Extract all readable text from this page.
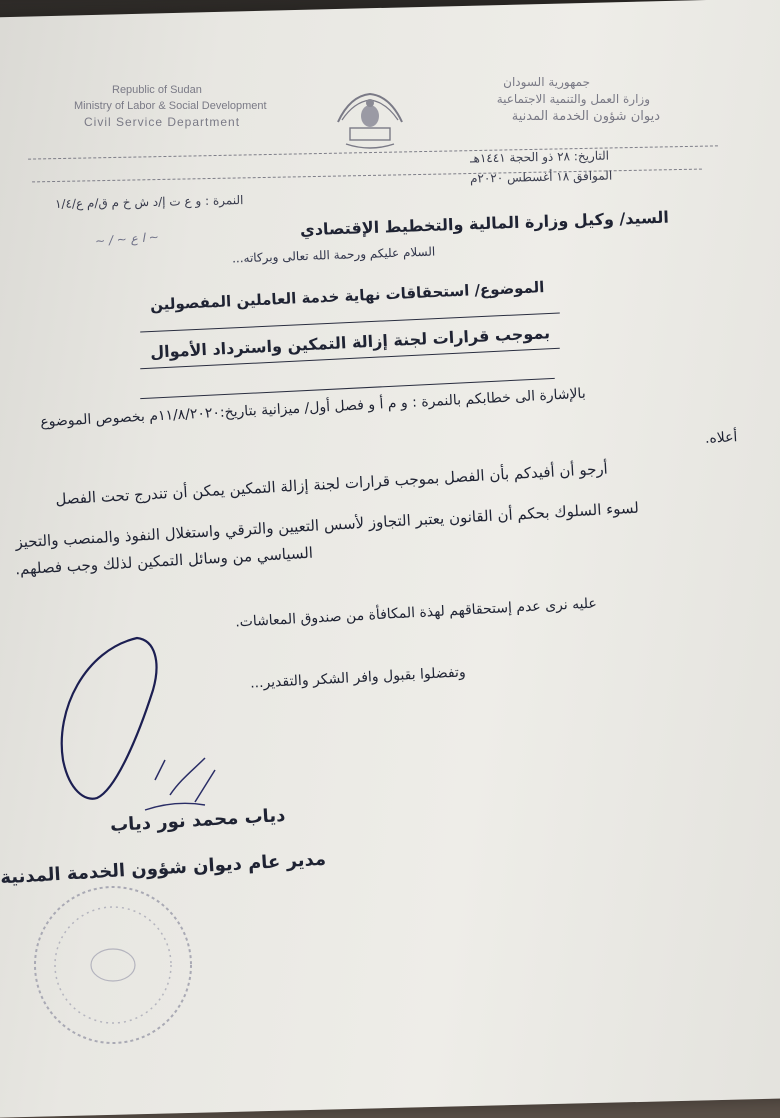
Republic of Sudan
Ministry of Labor & Social Development
Civil Service Department
جمهورية السودان
وزارة العمل والتنمية الاجتماعية
ديوان شؤون الخدمة المدنية
التاريخ: ٢٨ ذو الحجة ١٤٤١هـ
الموافق ١٨ أغسطس ٢٠٢٠م
النمرة : و ع ت إ/د ش خ م ق/م ع/١/٤
~ ا ع ~ / ~	السيد/ وكيل وزارة المالية والتخطيط الإقتصادي
السلام عليكم ورحمة الله تعالى وبركاته...
الموضوع/ استحقاقات نهاية خدمة العاملين المفصولين
بموجب قرارات لجنة إزالة التمكين واسترداد الأموال
بالإشارة الى خطابكم بالنمرة : و م أ و فصل أول/ ميزانية بتاريخ:١١/٨/٢٠٢٠م بخصوص الموضوع
أعلاه.
أرجو أن أفيدكم بأن الفصل بموجب قرارات لجنة إزالة التمكين يمكن أن تندرج تحت الفصل
لسوء السلوك بحكم أن القانون يعتبر التجاوز لأسس التعيين والترقي واستغلال النفوذ والمنصب والتحيز
السياسي من وسائل التمكين لذلك وجب فصلهم.
عليه نرى عدم إستحقاقهم لهذة المكافأة من صندوق المعاشات.
وتفضلوا بقبول وافر الشكر والتقدير...
دياب محمد نور دياب
مدير عام ديوان شؤون الخدمة المدنية
